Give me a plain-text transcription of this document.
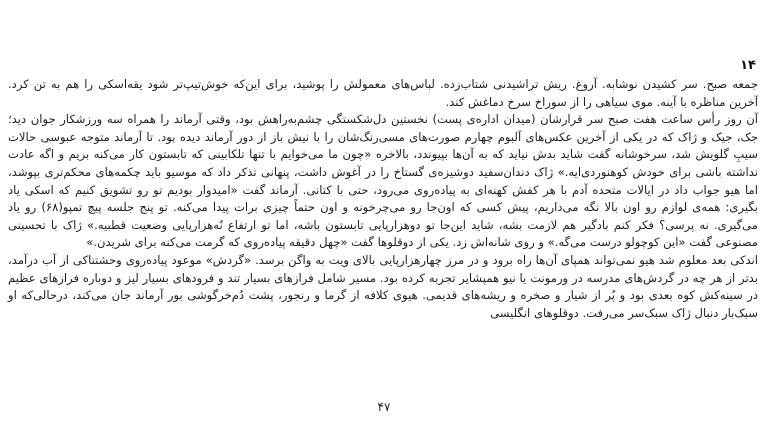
۱۴

جمعه صبح. سر کشیدن نوشابه. آروغ. ریش تراشیدنی شتاب‌زده. لباس‌های معمولش را پوشید، برای این‌که خوش‌تیپ‌تر شود یقه‌اسکی را هم به تن کرد. آخرین مناظره با آینه. موی سیاهی را از سوراخ سرخ دماغش کند.

آن روز رأس ساعت هفت صبح سر قرارشان (میدان اداره‌ی پست) نخستین دل‌شکستگی چشم‌به‌راهش بود، وقتی آرماند را همراه سه ورزشکار جوان دید؛ جک، جیک و ژاک که در یکی از آخرین عکس‌های آلبوم چهارم صورت‌های مسی‌رنگ‌شان را با نیش باز از دور آرماند دیده بود. تا آرماند متوجه عبوسی حالات سیبِ گلویش شد، سرخوشانه گفت شاید بدش نیاید که به آن‌ها بپیوندد، بالاخره «چون ما می‌خوایم با تنها تلکابینی که تابستون کار می‌کنه بریم و اگه عادت نداشته باشی برای خودش کوهنوردی‌ایه.» ژاک دندان‌سفید دوشیزه‌ی گستاخ را در آغوش داشت، پنهانی تذکر داد که موسیو باید چکمه‌های محکم‌تری بپوشد، اما هیو جواب داد در ایالات متحده آدم با هر کفش کهنه‌ای به پیاده‌روی می‌رود، حتی با کتانی. آرماند گفت «امیدوار بودیم تو رو تشویق کنیم که اسکی یاد بگیری: همه‌ی لوازم رو اون بالا نگه می‌داریم، پیش کسی که اون‌جا رو می‌چرخونه و اون حتماً چیزی برات پیدا می‌کنه. تو پنج جلسه پیچ تمپو(۶۸) رو یاد می‌گیری. نه پرسی؟ فکر کنم بادگیر هم لازمت بشه، شاید این‌جا تو دوهزارپایی تابستون باشه، اما تو ارتفاع نُه‌هزارپایی وضعیت قطبیه.» ژاک با تحسینی مصنوعی گفت «این کوچولو درست می‌گه.» و روی شانه‌اش زد. یکی از دوقلوها گفت «چهل دقیقه پیاده‌روی که گرمت می‌کنه برای شریدن.»

اندکی بعد معلوم شد هیو نمی‌تواند همپای آن‌ها راه برود و در مرز چهارهزارپایی بالای ویت به واگن برسد. «گردش» موعود پیاده‌روی وحشتناکی از آب درآمد، بدتر از هر چه در گردش‌های مدرسه در ورمونت یا نیو همپشایر تجربه کرده بود. مسیر شامل فرازهای بسیار تند و فرودهای بسیار لیز و دوباره فرازهای عظیم در سینه‌کش کوه بعدی بود و پُر از شیار و صخره و ریشه‌های قدیمی. هیوی کلافه از گرما و رنجور، پشت دُم‌خرگوشی بور آرماند جان می‌کند، درحالی‌که او سبک‌بار دنبال ژاک سبک‌سر می‌رفت. دوقلوهای انگلیسی

۴۷
